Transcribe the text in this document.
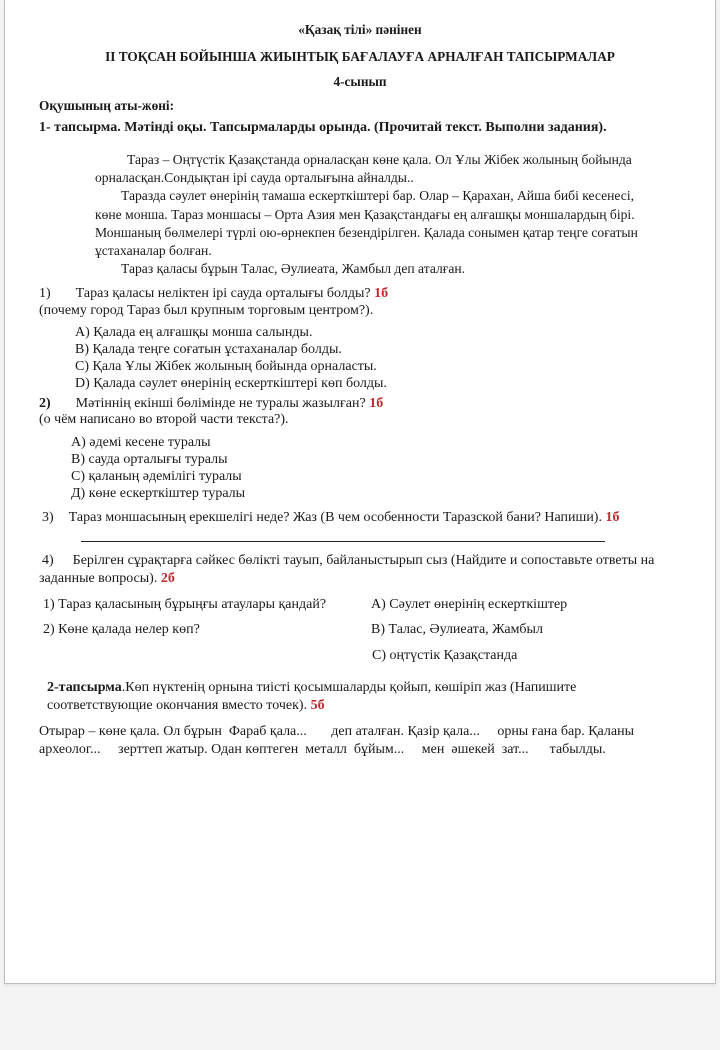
«Қазақ тілі» пәнінен
II ТОҚСАН БОЙЫНША ЖИЫНТЫҚ БАҒАЛАУҒА АРНАЛҒАН ТАПСЫРМАЛАР
4-сынып
Оқушының аты-жөні:
1- тапсырма. Мәтінді оқы. Тапсырмаларды орында. (Прочитай текст. Выполни задания).

Тараз – Оңтүстік Қазақстанда орналасқан көне қала. Ол Ұлы Жібек жолының бойында

орналасқан.Сондықтан ірі сауда орталығына айналды..

Таразда сәулет өнерінің тамаша ескерткіштері бар. Олар – Қарахан, Айша бибі кесенесі,

көне монша. Тараз моншасы – Орта Азия мен Қазақстандағы ең алғашқы моншалардың бірі.

Моншаның бөлмелері түрлі ою-өрнекпен безендірілген. Қалада сонымен қатар теңге соғатын

ұстаханалар болған.

Тараз қаласы бұрын Талас, Әулиеата, Жамбыл деп аталған.

1) Тараз қаласы неліктен ірі сауда орталығы болды? 1б
(почему город Тараз был крупным торговым центром?).
A) Қалада ең алғашқы монша салынды.
B) Қалада теңге соғатын ұстаханалар болды.
C) Қала Ұлы Жібек жолының бойында орналасты.
D) Қалада сәулет өнерінің ескерткіштері көп болды.
2) Мәтіннің екінші бөлімінде не туралы жазылған? 1б
(о чём написано во второй части текста?).
А) әдемі кесене туралы
В) сауда орталығы туралы
С) қаланың әдемілігі туралы
Д) көне ескерткіштер туралы
3) Тараз моншасының ерекшелігі неде? Жаз (В чем особенности Таразской бани? Напиши). 1б
4) Берілген сұрақтарға сәйкес бөлікті тауып, байланыстырып сыз (Найдите и сопоставьте ответы на
заданные вопросы). 2б
1) Тараз қаласының бұрыңғы атаулары қандай?
2) Көне қалада нелер көп?
А) Сәулет өнерінің ескерткіштер
В) Талас, Әулиеата, Жамбыл
С) оңтүстік Қазақстанда
2-тапсырма.Көп нүктенің орнына тиісті қосымшаларды қойып, көшіріп жаз (Напишите
соответствующие окончания вместо точек). 5б
Отырар – көне қала. Ол бұрын  Фараб қала...       деп аталған. Қазір қала...     орны ғана бар. Қаланы
археолог...     зерттеп жатыр. Одан көптеген  металл  бұйым...     мен  әшекей  зат...      табылды.
